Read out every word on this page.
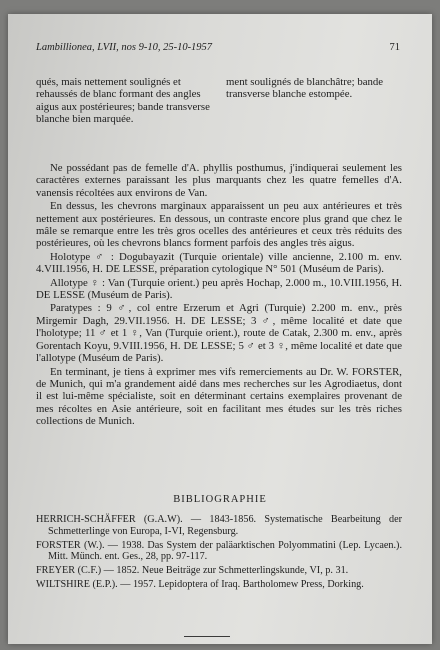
Lambillionea, LVII, nos 9-10, 25-10-1957	71

qués, mais nettement soulignés et rehaussés de blanc formant des angles aigus aux postérieures; bande transverse blanche bien marquée.

ment soulignés de blanchâtre; bande transverse blanche estompée.

Ne possédant pas de femelle d'A. phyllis posthumus, j'indiquerai seulement les caractères externes paraissant les plus marquants chez les quatre femelles d'A. vanensis récoltées aux environs de Van.

En dessus, les chevrons marginaux apparaissent un peu aux antérieures et très nettement aux postérieures. En dessous, un contraste encore plus grand que chez le mâle se remarque entre les très gros ocelles des antérieures et ceux très réduits des postérieures, où les chevrons blancs forment parfois des angles très aigus.

Holotype ♂ : Dogubayazit (Turquie orientale) ville ancienne, 2.100 m. env. 4.VIII.1956, H. DE LESSE, préparation cytologique N° 501 (Muséum de Paris).

Allotype ♀ : Van (Turquie orient.) peu après Hochap, 2.000 m., 10.VIII.1956, H. DE LESSE (Muséum de Paris).

Paratypes : 9 ♂, col entre Erzerum et Agri (Turquie) 2.200 m. env., près Mirgemir Dagh, 29.VII.1956. H. DE LESSE; 3 ♂, même localité et date que l'holotype; 11 ♂ et 1 ♀, Van (Turquie orient.), route de Catak, 2.300 m. env., après Gorentach Koyu, 9.VIII.1956, H. DE LESSE; 5 ♂ et 3 ♀, même localité et date que l'allotype (Muséum de Paris).

En terminant, je tiens à exprimer mes vifs remerciements au Dr. W. FORSTER, de Munich, qui m'a grandement aidé dans mes recherches sur les Agrodiaetus, dont il est lui-même spécialiste, soit en déterminant certains exemplaires provenant de mes récoltes en Asie antérieure, soit en facilitant mes études sur les très riches collections de Munich.

BIBLIOGRAPHIE

HERRICH-SCHÄFFER (G.A.W). — 1843-1856. Systematische Bearbeitung der Schmetterlinge von Europa, I-VI, Regensburg.

FORSTER (W.). — 1938. Das System der paläarktischen Polyommatini (Lep. Lycaen.). Mitt. Münch. ent. Ges., 28, pp. 97-117.

FREYER (C.F.) — 1852. Neue Beiträge zur Schmetterlingskunde, VI, p. 31.

WILTSHIRE (E.P.). — 1957. Lepidoptera of Iraq. Bartholomew Press, Dorking.
